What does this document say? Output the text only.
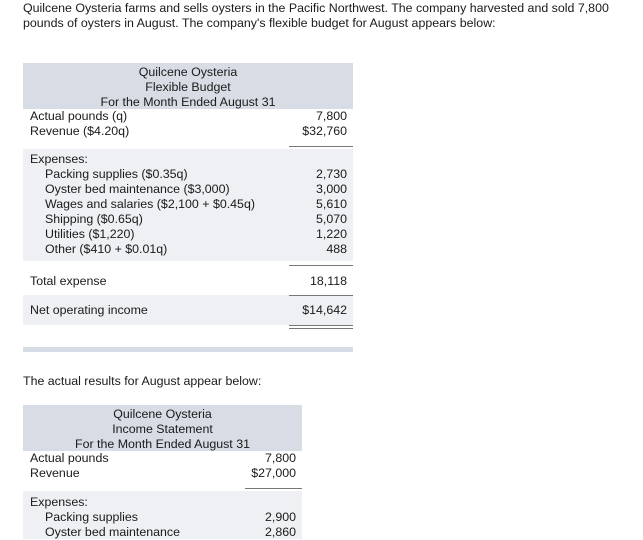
Quilcene Oysteria farms and sells oysters in the Pacific Northwest. The company harvested and sold 7,800
pounds of oysters in August. The company's flexible budget for August appears below:
Quilcene Oysteria
Flexible Budget
For the Month Ended August 31
Actual pounds (q)	7,800
Revenue ($4.20q)	$32,760
Expenses:
Packing supplies ($0.35q)	2,730
Oyster bed maintenance ($3,000)	3,000
Wages and salaries ($2,100 + $0.45q)	5,610
Shipping ($0.65q)	5,070
Utilities ($1,220)	1,220
Other ($410 + $0.01q)	488
Total expense	18,118
Net operating income	$14,642
The actual results for August appear below:
Quilcene Oysteria
Income Statement
For the Month Ended August 31
Actual pounds	7,800
Revenue	$27,000
Expenses:
Packing supplies	2,900
Oyster bed maintenance	2,860
